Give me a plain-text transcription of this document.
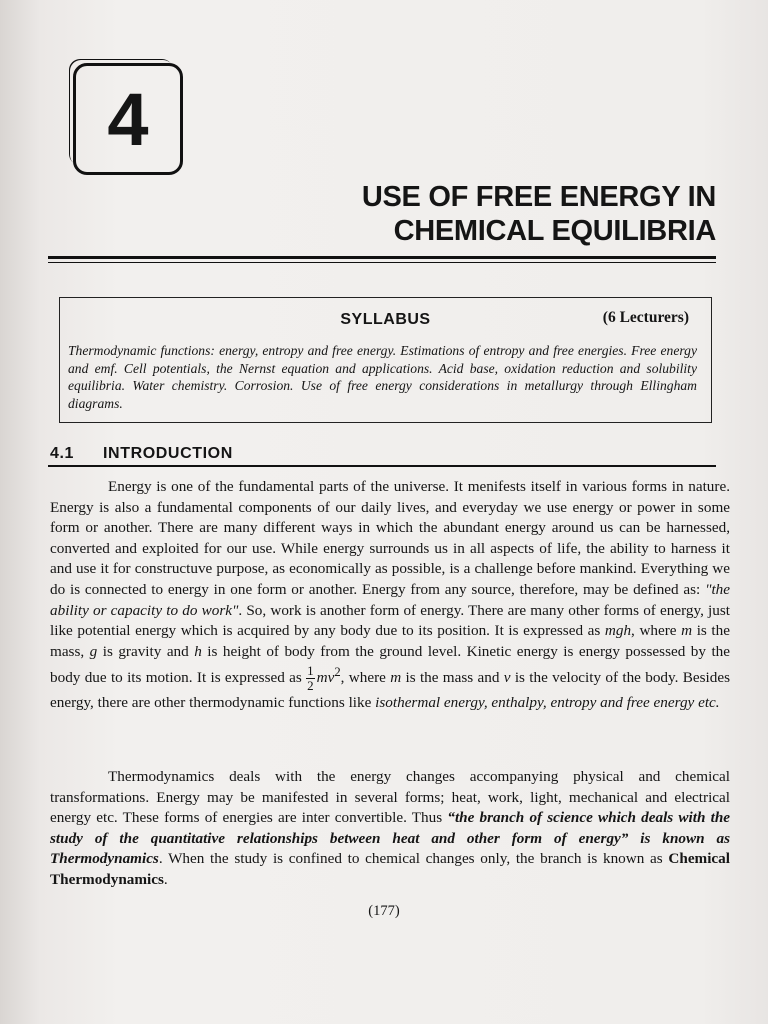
4
USE OF FREE ENERGY IN
CHEMICAL EQUILIBRIA
SYLLABUS	(6 Lecturers)
Thermodynamic functions: energy, entropy and free energy. Estimations of entropy and free energies. Free energy and emf. Cell potentials, the Nernst equation and applications. Acid base, oxidation reduction and solubility equilibria. Water chemistry. Corrosion. Use of free energy considerations in metallurgy through Ellingham diagrams.
4.1 INTRODUCTION
Energy is one of the fundamental parts of the universe. It menifests itself in various forms in nature. Energy is also a fundamental components of our daily lives, and everyday we use energy or power in some form or another. There are many different ways in which the abundant energy around us can be harnessed, converted and exploited for our use. While energy surrounds us in all aspects of life, the ability to harness it and use it for constructuve purpose, as economically as possible, is a challenge before mankind. Everything we do is connected to energy in one form or another. Energy from any source, therefore, may be defined as: "the ability or capacity to do work". So, work is another form of energy. There are many other forms of energy, just like potential energy which is acquired by any body due to its position. It is expressed as mgh, where m is the mass, g is gravity and h is height of body from the ground level. Kinetic energy is energy possessed by the body due to its motion. It is expressed as $\frac{1}{2} mv^2$, where m is the mass and v is the velocity of the body. Besides energy, there are other thermodynamic functions like isothermal energy, enthalpy, entropy and free energy etc.
Thermodynamics deals with the energy changes accompanying physical and chemical transformations. Energy may be manifested in several forms; heat, work, light, mechanical and electrical energy etc. These forms of energies are inter convertible. Thus “the branch of science which deals with the study of the quantitative relationships between heat and other form of energy” is known as Thermodynamics. When the study is confined to chemical changes only, the branch is known as Chemical Thermodynamics.
(177)
